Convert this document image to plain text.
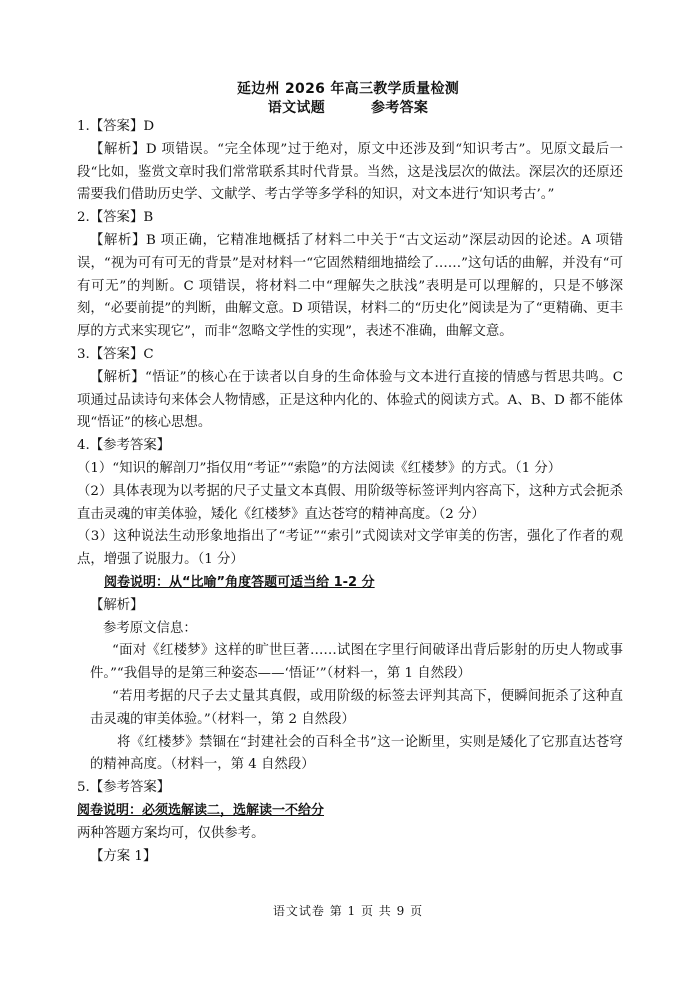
延边州 2026 年高三教学质量检测
语文试题	参考答案

1.【答案】D

【解析】D 项错误。“完全体现”过于绝对，原文中还涉及到“知识考古”。见原文最后一段“比如，鉴赏文章时我们常常联系其时代背景。当然，这是浅层次的做法。深层次的还原还需要我们借助历史学、文献学、考古学等多学科的知识，对文本进行‘知识考古’。”

2.【答案】B

【解析】B 项正确，它精准地概括了材料二中关于“古文运动”深层动因的论述。A 项错误，“视为可有可无的背景”是对材料一“它固然精细地描绘了……”这句话的曲解，并没有“可有可无”的判断。C 项错误，将材料二中“理解失之肤浅”表明是可以理解的，只是不够深刻，“必要前提”的判断，曲解文意。D 项错误，材料二的“历史化”阅读是为了“更精确、更丰厚的方式来实现它”，而非“忽略文学性的实现”，表述不准确，曲解文意。

3.【答案】C

【解析】“悟证”的核心在于读者以自身的生命体验与文本进行直接的情感与哲思共鸣。C 项通过品读诗句来体会人物情感，正是这种内化的、体验式的阅读方式。A、B、D 都不能体现“悟证”的核心思想。

4.【参考答案】

（1）“知识的解剖刀”指仅用“考证”“索隐”的方法阅读《红楼梦》的方式。（1 分）

（2）具体表现为以考据的尺子丈量文本真假、用阶级等标签评判内容高下，这种方式会扼杀直击灵魂的审美体验，矮化《红楼梦》直达苍穹的精神高度。（2 分）

（3）这种说法生动形象地指出了“考证”“索引”式阅读对文学审美的伤害，强化了作者的观点，增强了说服力。（1 分）

阅卷说明：从“比喻”角度答题可适当给 1-2 分

【解析】

参考原文信息：

“面对《红楼梦》这样的旷世巨著……试图在字里行间破译出背后影射的历史人物或事件。”“我倡导的是第三种姿态——‘悟证’”（材料一，第 1 自然段）

“若用考据的尺子去丈量其真假，或用阶级的标签去评判其高下，便瞬间扼杀了这种直击灵魂的审美体验。”（材料一，第 2 自然段）

将《红楼梦》禁锢在“封建社会的百科全书”这一论断里，实则是矮化了它那直达苍穹的精神高度。（材料一，第 4 自然段）

5.【参考答案】

阅卷说明：必须选解读二，选解读一不给分

两种答题方案均可，仅供参考。

【方案 1】

语文试卷 第 1 页 共 9 页
